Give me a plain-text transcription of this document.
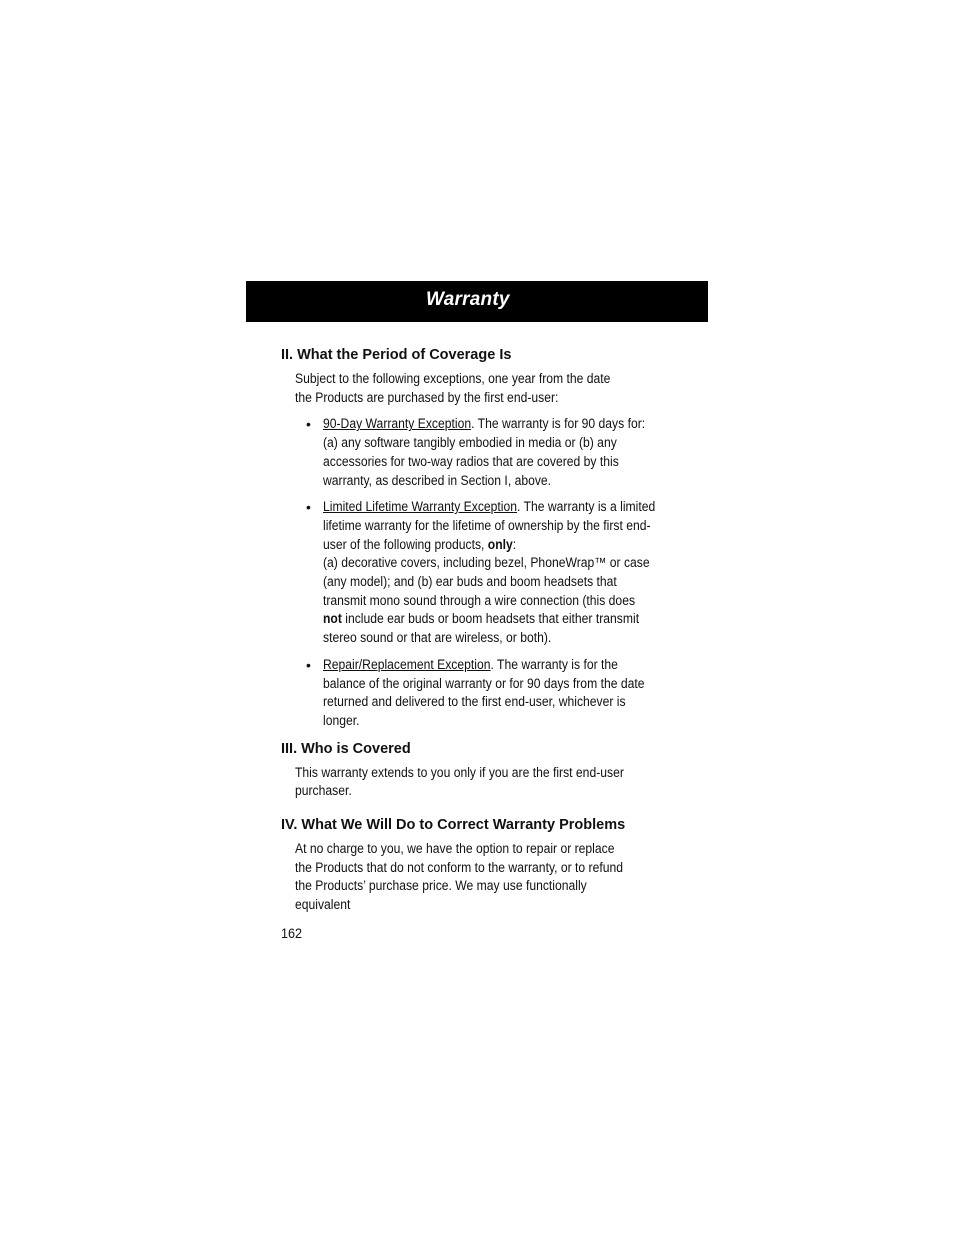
Warranty
II. What the Period of Coverage Is

Subject to the following exceptions, one year from the date the Products are purchased by the first end-user:

• 90-Day Warranty Exception. The warranty is for 90 days for: (a) any software tangibly embodied in media or (b) any accessories for two-way radios that are covered by this warranty, as described in Section I, above.
• Limited Lifetime Warranty Exception. The warranty is a limited lifetime warranty for the lifetime of ownership by the first end-user of the following products, only:
(a) decorative covers, including bezel, PhoneWrap™ or case (any model); and (b) ear buds and boom headsets that transmit mono sound through a wire connection (this does not include ear buds or boom headsets that either transmit stereo sound or that are wireless, or both).
• Repair/Replacement Exception. The warranty is for the balance of the original warranty or for 90 days from the date returned and delivered to the first end-user, whichever is longer.
III. Who is Covered

This warranty extends to you only if you are the first end-user purchaser.

IV. What We Will Do to Correct Warranty Problems

At no charge to you, we have the option to repair or replace the Products that do not conform to the warranty, or to refund the Products’ purchase price. We may use functionally equivalent

162
